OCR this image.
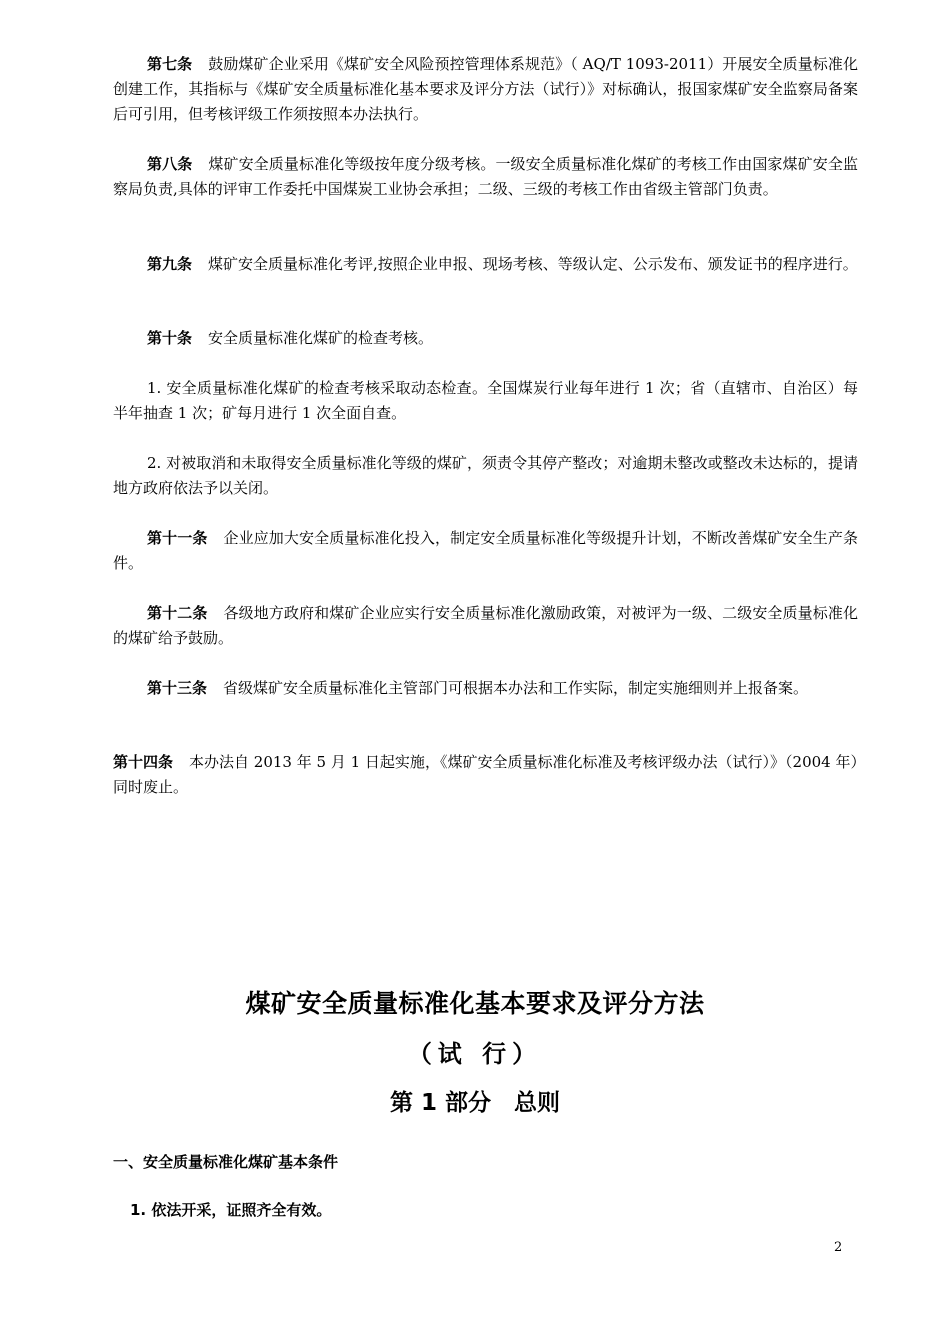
第七条 鼓励煤矿企业采用《煤矿安全风险预控管理体系规范》（ AQ/T 1093-2011）开展安全质量标准化创建工作，其指标与《煤矿安全质量标准化基本要求及评分方法（试行）》对标确认，报国家煤矿安全监察局备案后可引用，但考核评级工作须按照本办法执行。

第八条 煤矿安全质量标准化等级按年度分级考核。一级安全质量标准化煤矿的考核工作由国家煤矿安全监察局负责,具体的评审工作委托中国煤炭工业协会承担；二级、三级的考核工作由省级主管部门负责。

第九条 煤矿安全质量标准化考评,按照企业申报、现场考核、等级认定、公示发布、颁发证书的程序进行。

第十条 安全质量标准化煤矿的检查考核。

1. 安全质量标准化煤矿的检查考核采取动态检查。全国煤炭行业每年进行 1 次；省（直辖市、自治区）每半年抽查 1 次；矿每月进行 1 次全面自查。

2. 对被取消和未取得安全质量标准化等级的煤矿，须责令其停产整改；对逾期未整改或整改未达标的，提请地方政府依法予以关闭。

第十一条 企业应加大安全质量标准化投入，制定安全质量标准化等级提升计划，不断改善煤矿安全生产条件。

第十二条 各级地方政府和煤矿企业应实行安全质量标准化激励政策，对被评为一级、二级安全质量标准化的煤矿给予鼓励。

第十三条 省级煤矿安全质量标准化主管部门可根据本办法和工作实际，制定实施细则并上报备案。

第十四条 本办法自 2013 年 5 月 1 日起实施，《煤矿安全质量标准化标准及考核评级办法（试行）》（2004 年）同时废止。

煤矿安全质量标准化基本要求及评分方法
（试 行）
第 1 部分　总则

一、安全质量标准化煤矿基本条件

1. 依法开采，证照齐全有效。

2
